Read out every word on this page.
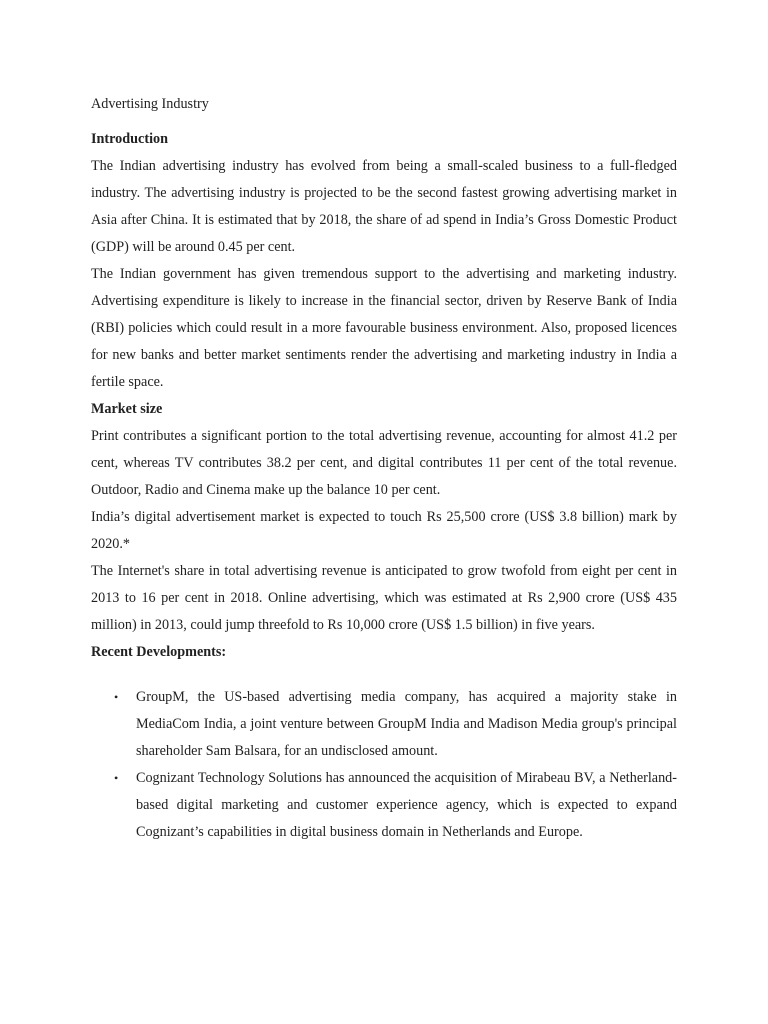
Advertising Industry

Introduction

The Indian advertising industry has evolved from being a small-scaled business to a full-fledged industry. The advertising industry is projected to be the second fastest growing advertising market in Asia after China. It is estimated that by 2018, the share of ad spend in India’s Gross Domestic Product (GDP) will be around 0.45 per cent.

The Indian government has given tremendous support to the advertising and marketing industry. Advertising expenditure is likely to increase in the financial sector, driven by Reserve Bank of India (RBI) policies which could result in a more favourable business environment. Also, proposed licences for new banks and better market sentiments render the advertising and marketing industry in India a fertile space.

Market size

Print contributes a significant portion to the total advertising revenue, accounting for almost 41.2 per cent, whereas TV contributes 38.2 per cent, and digital contributes 11 per cent of the total revenue. Outdoor, Radio and Cinema make up the balance 10 per cent.

India’s digital advertisement market is expected to touch Rs 25,500 crore (US$ 3.8 billion) mark by 2020.*

The Internet's share in total advertising revenue is anticipated to grow twofold from eight per cent in 2013 to 16 per cent in 2018. Online advertising, which was estimated at Rs 2,900 crore (US$ 435 million) in 2013, could jump threefold to Rs 10,000 crore (US$ 1.5 billion) in five years.

Recent Developments:

• GroupM, the US-based advertising media company, has acquired a majority stake in MediaCom India, a joint venture between GroupM India and Madison Media group's principal shareholder Sam Balsara, for an undisclosed amount.
• Cognizant Technology Solutions has announced the acquisition of Mirabeau BV, a Netherland-based digital marketing and customer experience agency, which is expected to expand Cognizant’s capabilities in digital business domain in Netherlands and Europe.
